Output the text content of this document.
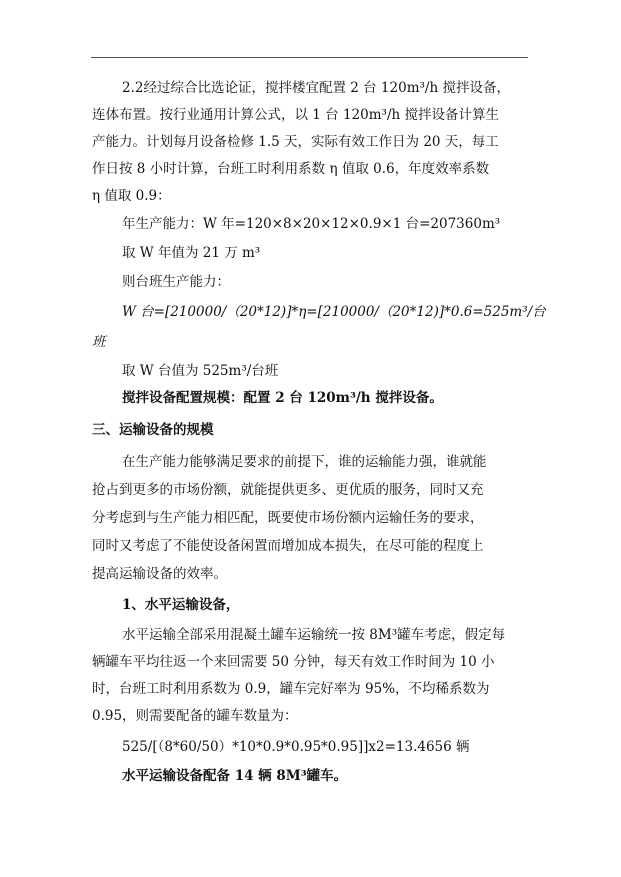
2.2经过综合比选论证，搅拌楼宜配置 2 台 120m³/h 搅拌设备，
连体布置。按行业通用计算公式，以 1 台 120m³/h 搅拌设备计算生
产能力。计划每月设备检修 1.5 天，实际有效工作日为 20 天，每工
作日按 8 小时计算，台班工时利用系数 η 值取 0.6，年度效率系数
η 值取 0.9：
年生产能力：W 年=120×8×20×12×0.9×1 台=207360m³
取 W 年值为 21 万 m³
则台班生产能力：
W 台=[210000/（20*12)]*η=[210000/（20*12)]*0.6=525m³/台
班
取 W 台值为 525m³/台班
搅拌设备配置规模：配置 2 台 120m³/h 搅拌设备。
三、运输设备的规模
在生产能力能够满足要求的前提下，谁的运输能力强，谁就能
抢占到更多的市场份额，就能提供更多、更优质的服务，同时又充
分考虑到与生产能力相匹配，既要使市场份额内运输任务的要求，
同时又考虑了不能使设备闲置而增加成本损失，在尽可能的程度上
提高运输设备的效率。
1、水平运输设备，
水平运输全部采用混凝土罐车运输统一按 8M³罐车考虑，假定每
辆罐车平均往返一个来回需要 50 分钟，每天有效工作时间为 10 小
时，台班工时利用系数为 0.9，罐车完好率为 95%，不均稀系数为
0.95，则需要配备的罐车数量为：
525/[（8*60/50）*10*0.9*0.95*0.95]]x2=13.4656 辆
水平运输设备配备 14 辆 8M³罐车。
